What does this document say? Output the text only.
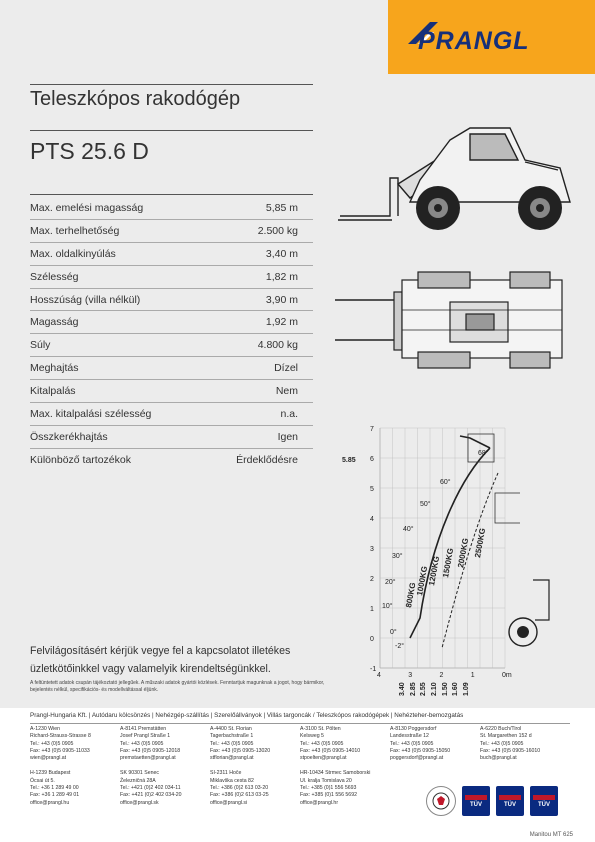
PRANGL
Teleszkópos rakodógép
PTS 25.6 D
Max. emelési magasság	5,85 m
Max. terhelhetőség	2.500 kg
Max. oldalkinyúlás	3,40 m
Szélesség	1,82 m
Hosszúság (villa nélkül)	3,90 m
Magasság	1,92 m
Súly	4.800 kg
Meghajtás	Dízel
Kitalpalás	Nem
Max. kitalpalási szélesség	n.a.
Összkerékhajtás	Igen
Különböző tartozékok	Érdeklődésre
7
6
5
4
3
2
1
0
-1
4	3	2	1	0m
5.85
68°
60°
50°
40°
30°
20°
10°
0°
-2°
2500KG
2000KG
1500KG
1200KG
1000KG
800KG
3.40 2.85 2.55 2.10 1.50 1.60 1.09
Felvilágosításért kérjük vegye fel a kapcsolatot illetékes üzletkötőinkkel vagy valamelyik kirendeltségünkkel.
A feltüntetett adatok csupán tájékoztató jellegűek. A műszaki adatok gyártói közlések. Fenntartjuk magunknak a jogot, hogy bármikor, bejelentés nélkül, specifikációs- és modellváltással éljünk.
Prangl-Hungaria Kft. | Autódaru kölcsönzés | Nehézgép-szállítás | Szerelőállványok | Villás targoncák / Teleszkópos rakodógépek | Nehézteher-bemozgatás
A-1230 Wien
Richard-Strauss-Strasse 8
Tel.: +43 (0)5 0905
Fax: +43 (0)5 0905-11033
wien@prangl.at
A-8141 Premstätten
Josef Prangl Straße 1
Tel.: +43 (0)5 0905
Fax: +43 (0)5 0905-12018
premstaetten@prangl.at
A-4400 St. Florian
Tagerbachstraße 1
Tel.: +43 (0)5 0905
Fax: +43 (0)5 0905-13020
stflorian@prangl.at
A-3100 St. Pölten
Kelsweg 5
Tel.: +43 (0)5 0905
Fax: +43 (0)5 0905-14010
stpoelten@prangl.at
A-8130 Poggersdorf
Landesstraße 12
Tel.: +43 (0)5 0905
Fax: +43 (0)5 0905-15050
poggersdorf@prangl.at
A-6220 Buch/Tirol
St. Margarethen 152 d
Tel.: +43 (0)5 0905
Fax: +43 (0)5 0905-16010
buch@prangl.at
H-1239 Budapest
Ócsai út 5.
Tel.: +36 1 289 49 00
Fax: +36 1 289 49 01
office@prangl.hu
SK 90301 Senec
Železničná 28A
Tel.: +421 (0)2 402 034-11
Fax: +421 (0)2 402 034-20
office@prangl.sk
SI-2311 Hoče
Miklavška cesta 82
Tel.: +386 (0)2 613 03-20
Fax: +386 (0)2 613 03-25
office@prangl.si
HR-10434 Strmec Samoborski
Ul. kralja Tomislava 20
Tel.: +385 (0)1 556 5693
Fax: +385 (0)1 556 5692
office@prangl.hr	TÜV	TÜV	TÜV
Manitou MT 625
